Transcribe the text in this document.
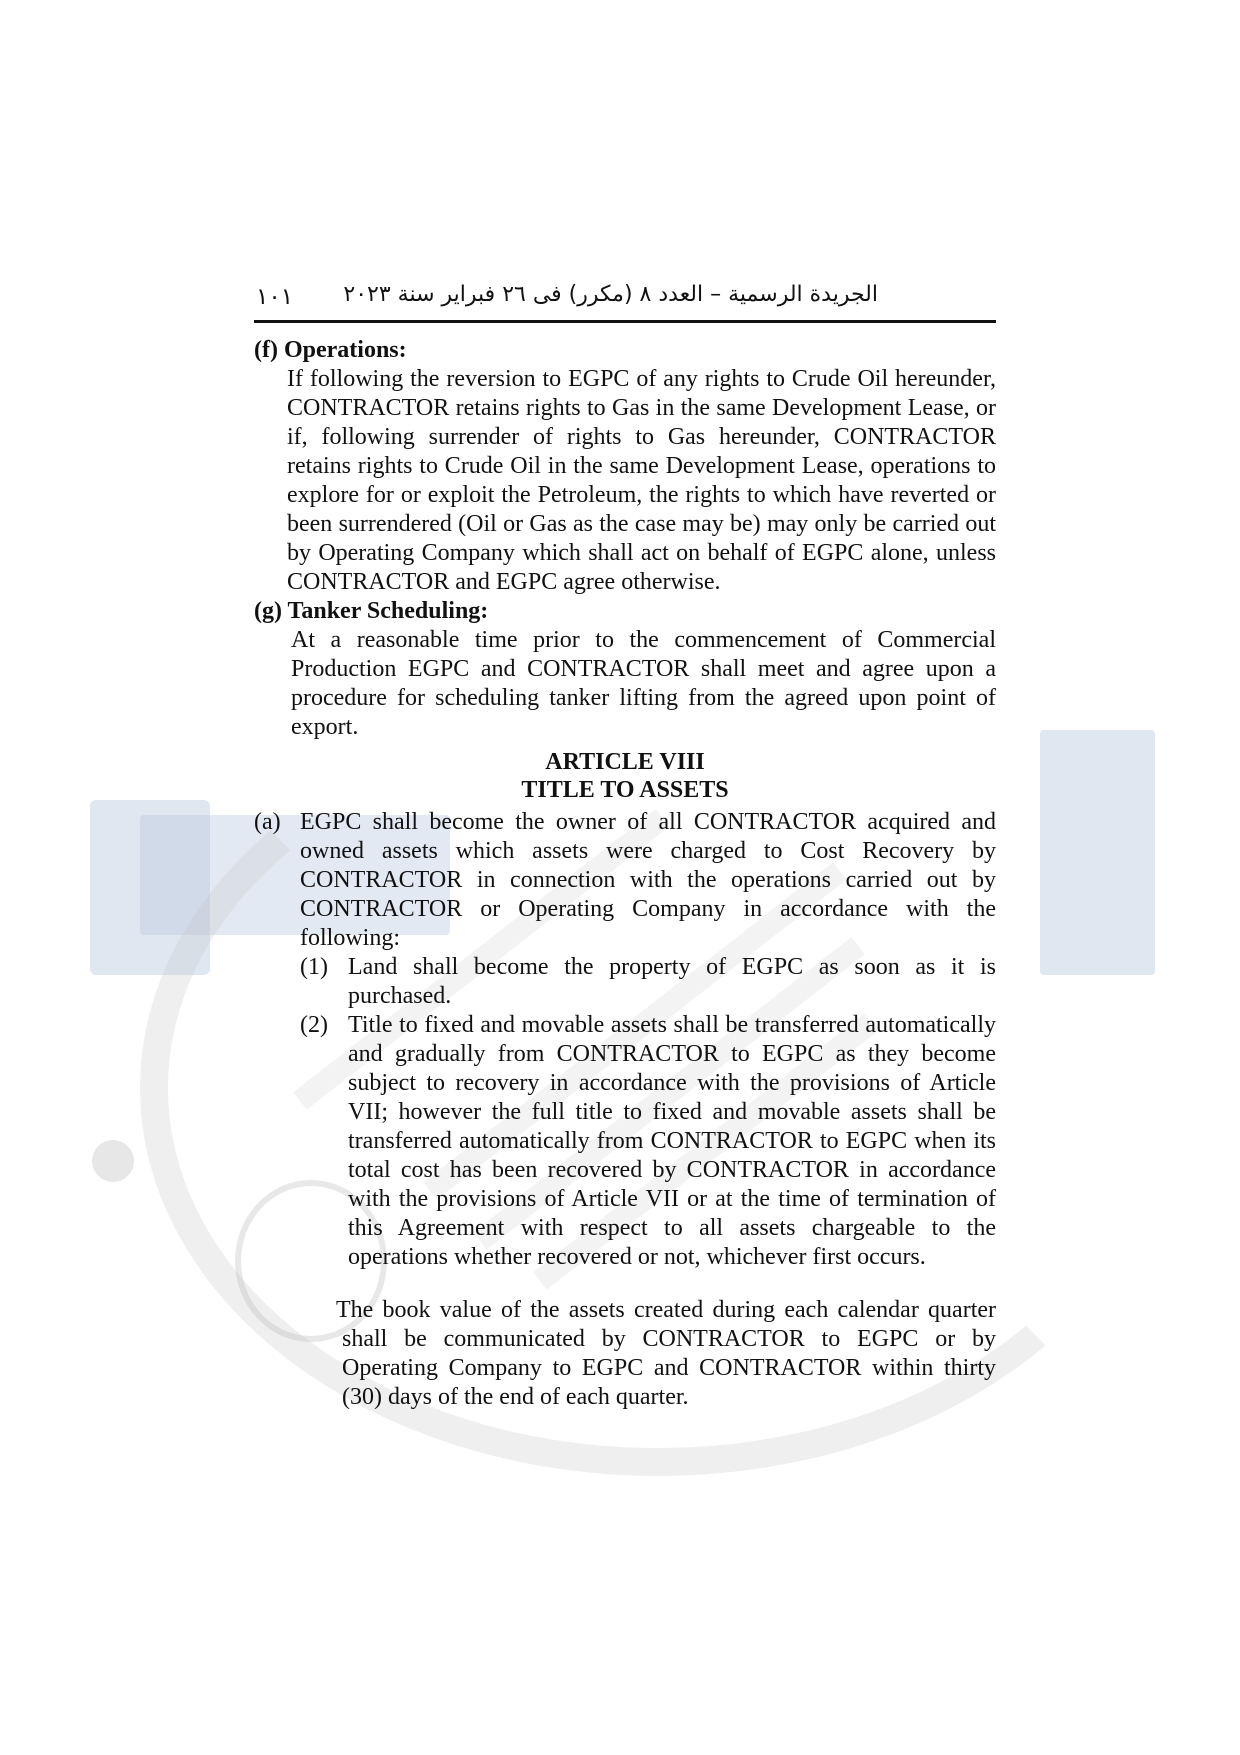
١٠١ الجريدة الرسمية – العدد ٨ (مكرر) فى ٢٦ فبراير سنة ٢٠٢٣

(f) Operations:

If following the reversion to EGPC of any rights to Crude Oil hereunder, CONTRACTOR retains rights to Gas in the same Development Lease, or if, following surrender of rights to Gas hereunder, CONTRACTOR retains rights to Crude Oil in the same Development Lease, operations to explore for or exploit the Petroleum, the rights to which have reverted or been surrendered (Oil or Gas as the case may be) may only be carried out by Operating Company which shall act on behalf of EGPC alone, unless CONTRACTOR and EGPC agree otherwise.

(g) Tanker Scheduling:

At a reasonable time prior to the commencement of Commercial Production EGPC and CONTRACTOR shall meet and agree upon a procedure for scheduling tanker lifting from the agreed upon point of export.

ARTICLE VIII
TITLE TO ASSETS
(a) EGPC shall become the owner of all CONTRACTOR acquired and owned assets which assets were charged to Cost Recovery by CONTRACTOR in connection with the operations carried out by CONTRACTOR or Operating Company in accordance with the following:
(1) Land shall become the property of EGPC as soon as it is purchased.
(2) Title to fixed and movable assets shall be transferred automatically and gradually from CONTRACTOR to EGPC as they become subject to recovery in accordance with the provisions of Article VII; however the full title to fixed and movable assets shall be transferred automatically from CONTRACTOR to EGPC when its total cost has been recovered by CONTRACTOR in accordance with the provisions of Article VII or at the time of termination of this Agreement with respect to all assets chargeable to the operations whether recovered or not, whichever first occurs.

The book value of the assets created during each calendar quarter shall be communicated by CONTRACTOR to EGPC or by Operating Company to EGPC and CONTRACTOR within thirty (30) days of the end of each quarter.
